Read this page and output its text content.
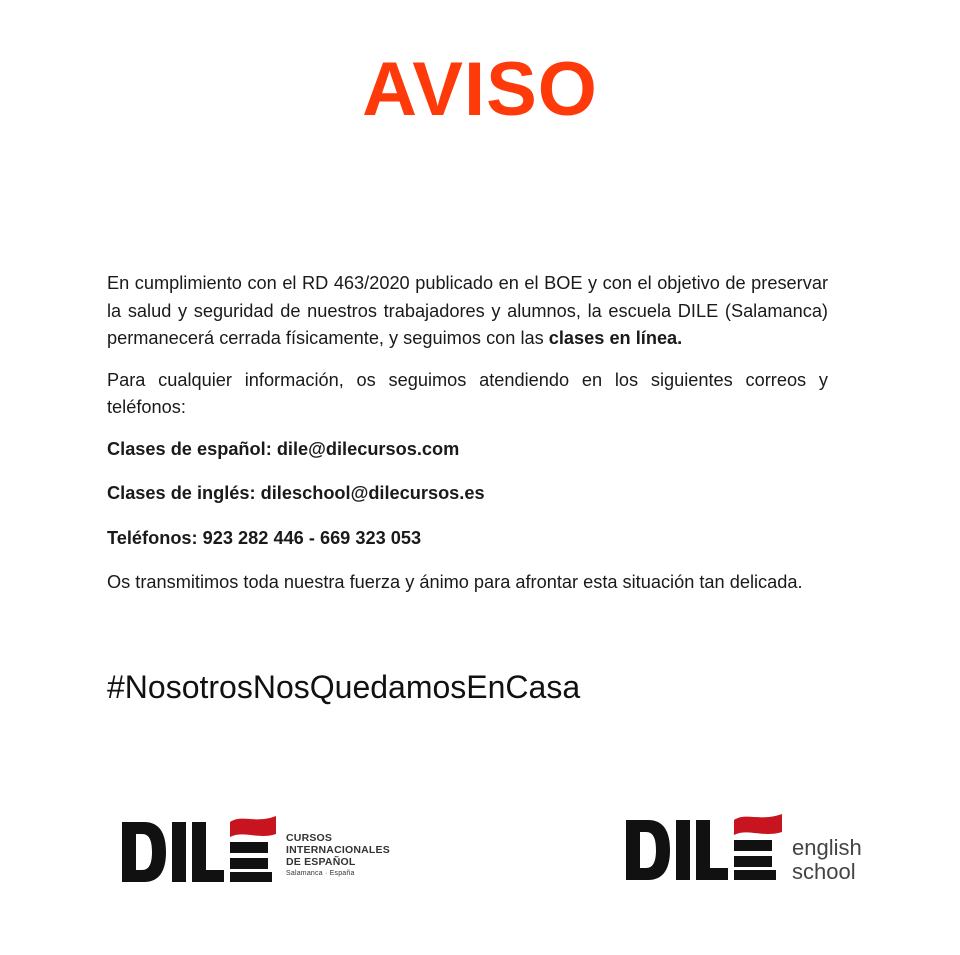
AVISO

En cumplimiento con el RD 463/2020 publicado en el BOE y con el objetivo de preservar la salud y seguridad de nuestros trabajadores y alumnos, la escuela DILE (Salamanca) permanecerá cerrada físicamente, y seguimos con las clases en línea.

Para cualquier información, os seguimos atendiendo en los siguientes correos y teléfonos:

Clases de español: dile@dilecursos.com

Clases de inglés: dileschool@dilecursos.es

Teléfonos: 923 282 446 - 669 323 053

Os transmitimos toda nuestra fuerza y ánimo para afrontar esta situación tan delicada.

#NosotrosNosQuedamosEnCasa
CURSOS
INTERNACIONALES
DE ESPAÑOL
Salamanca · España
english
school
